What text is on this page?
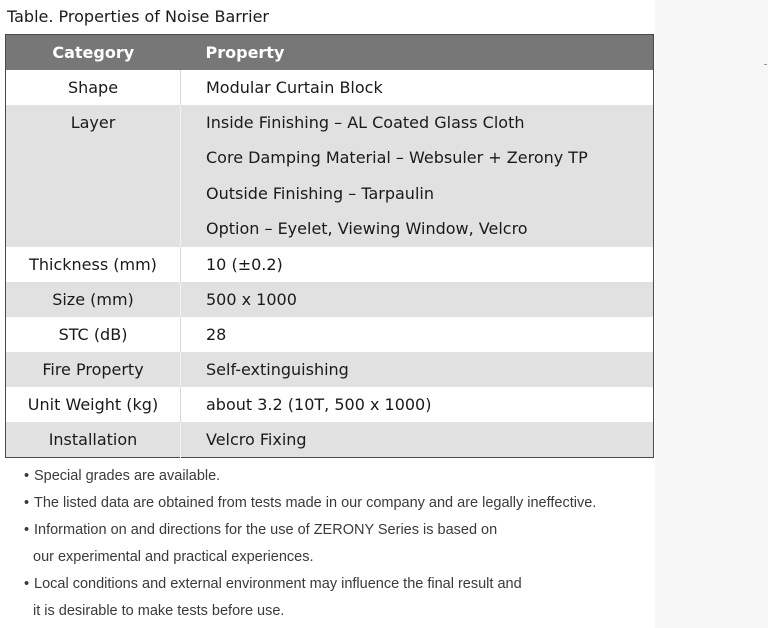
Table. Properties of Noise Barrier
Category	Property
Shape	Modular Curtain Block
Layer	Inside Finishing – AL Coated Glass Cloth
Core Damping Material – Websuler + Zerony TP
Outside Finishing – Tarpaulin
Option – Eyelet, Viewing Window, Velcro

Thickness (mm)	10 (±0.2)
Size (mm)	500 x 1000
STC (dB)	28
Fire Property	Self-extinguishing
Unit Weight (kg)	about 3.2 (10T, 500 x 1000)
Installation	Velcro Fixing
• Special grades are available.
• The listed data are obtained from tests made in our company and are legally ineffective.
• Information on and directions for the use of ZERONY Series is based on
our experimental and practical experiences.
• Local conditions and external environment may influence the final result and
it is desirable to make tests before use.
